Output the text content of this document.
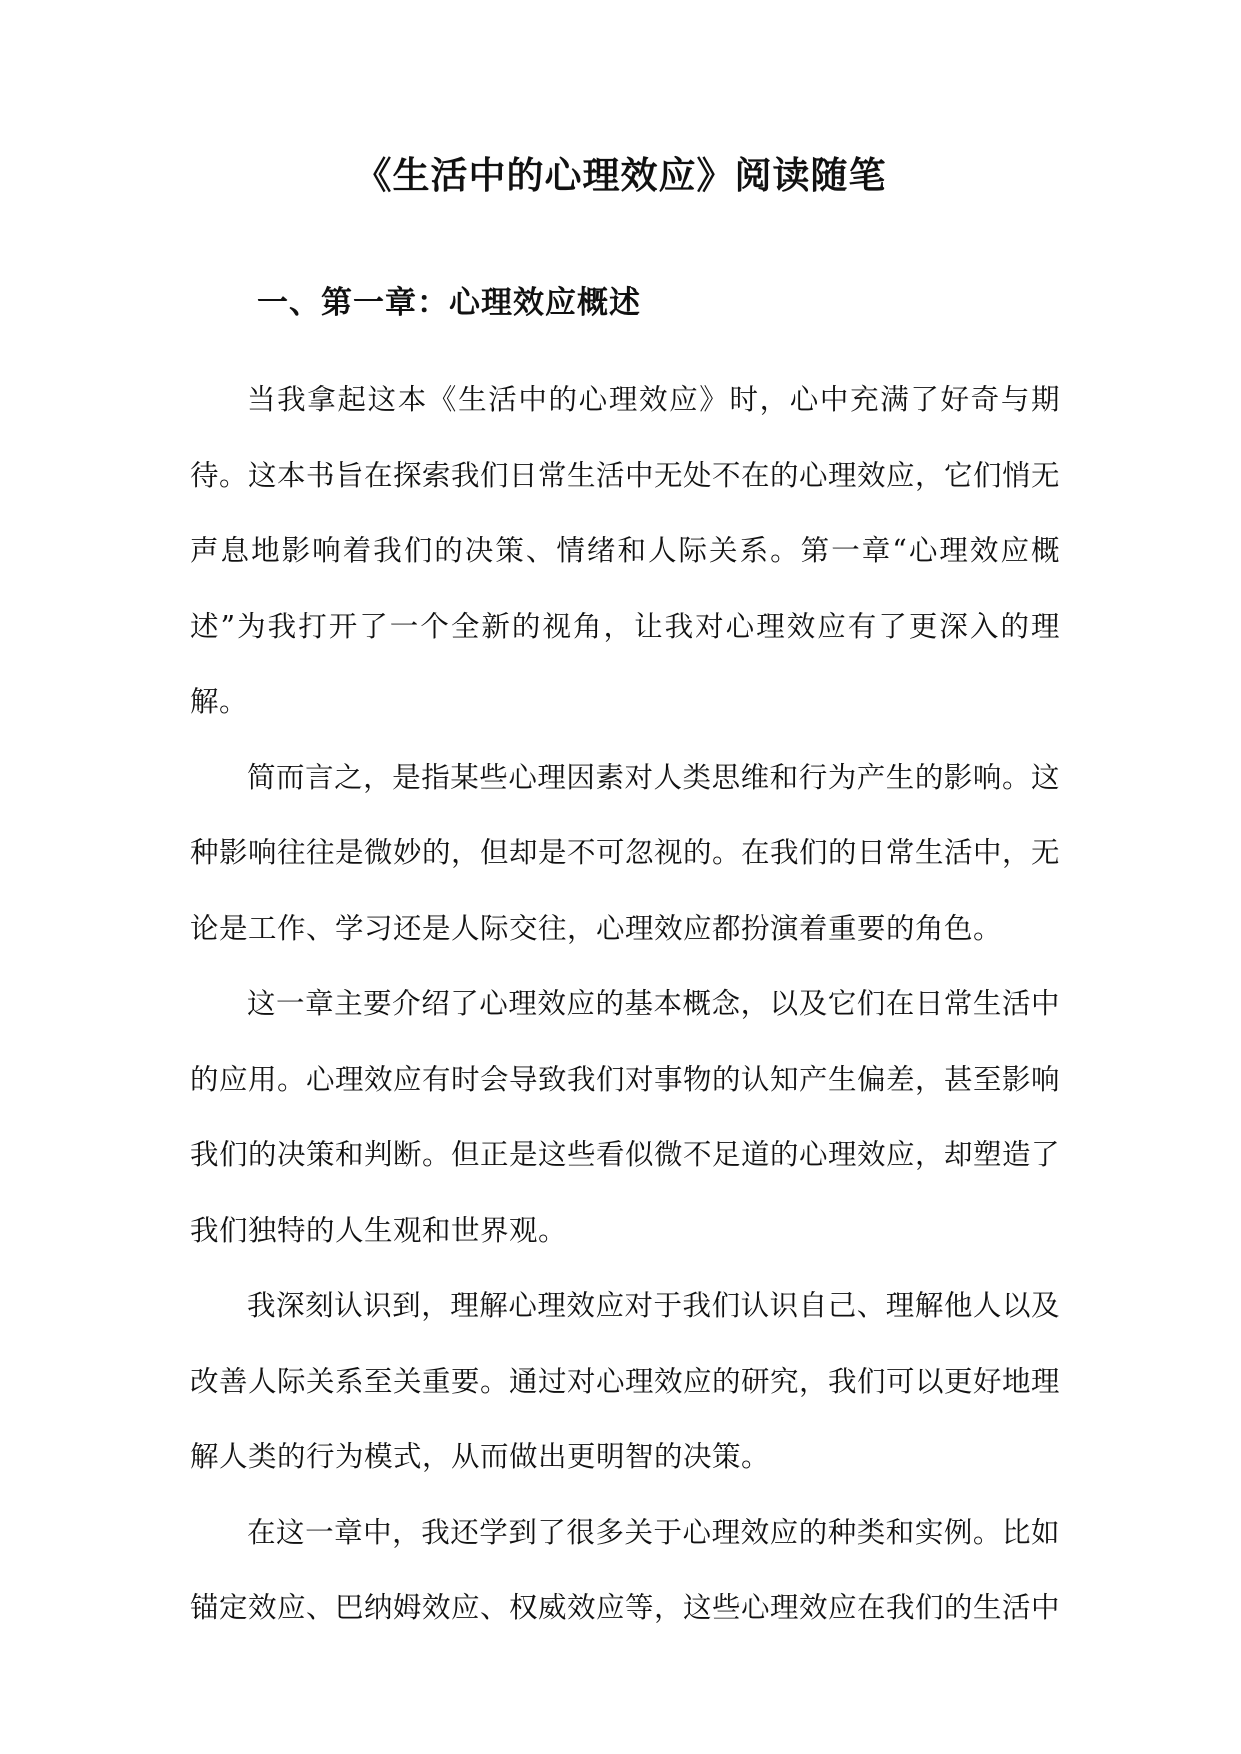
《生活中的心理效应》阅读随笔
一、第一章：心理效应概述

当我拿起这本《生活中的心理效应》时，心中充满了好奇与期待。这本书旨在探索我们日常生活中无处不在的心理效应，它们悄无声息地影响着我们的决策、情绪和人际关系。第一章“心理效应概述”为我打开了一个全新的视角，让我对心理效应有了更深入的理解。

简而言之，是指某些心理因素对人类思维和行为产生的影响。这种影响往往是微妙的，但却是不可忽视的。在我们的日常生活中，无论是工作、学习还是人际交往，心理效应都扮演着重要的角色。

这一章主要介绍了心理效应的基本概念，以及它们在日常生活中的应用。心理效应有时会导致我们对事物的认知产生偏差，甚至影响我们的决策和判断。但正是这些看似微不足道的心理效应，却塑造了我们独特的人生观和世界观。

我深刻认识到，理解心理效应对于我们认识自己、理解他人以及改善人际关系至关重要。通过对心理效应的研究，我们可以更好地理解人类的行为模式，从而做出更明智的决策。

在这一章中，我还学到了很多关于心理效应的种类和实例。比如锚定效应、巴纳姆效应、权威效应等，这些心理效应在我们的生活中
